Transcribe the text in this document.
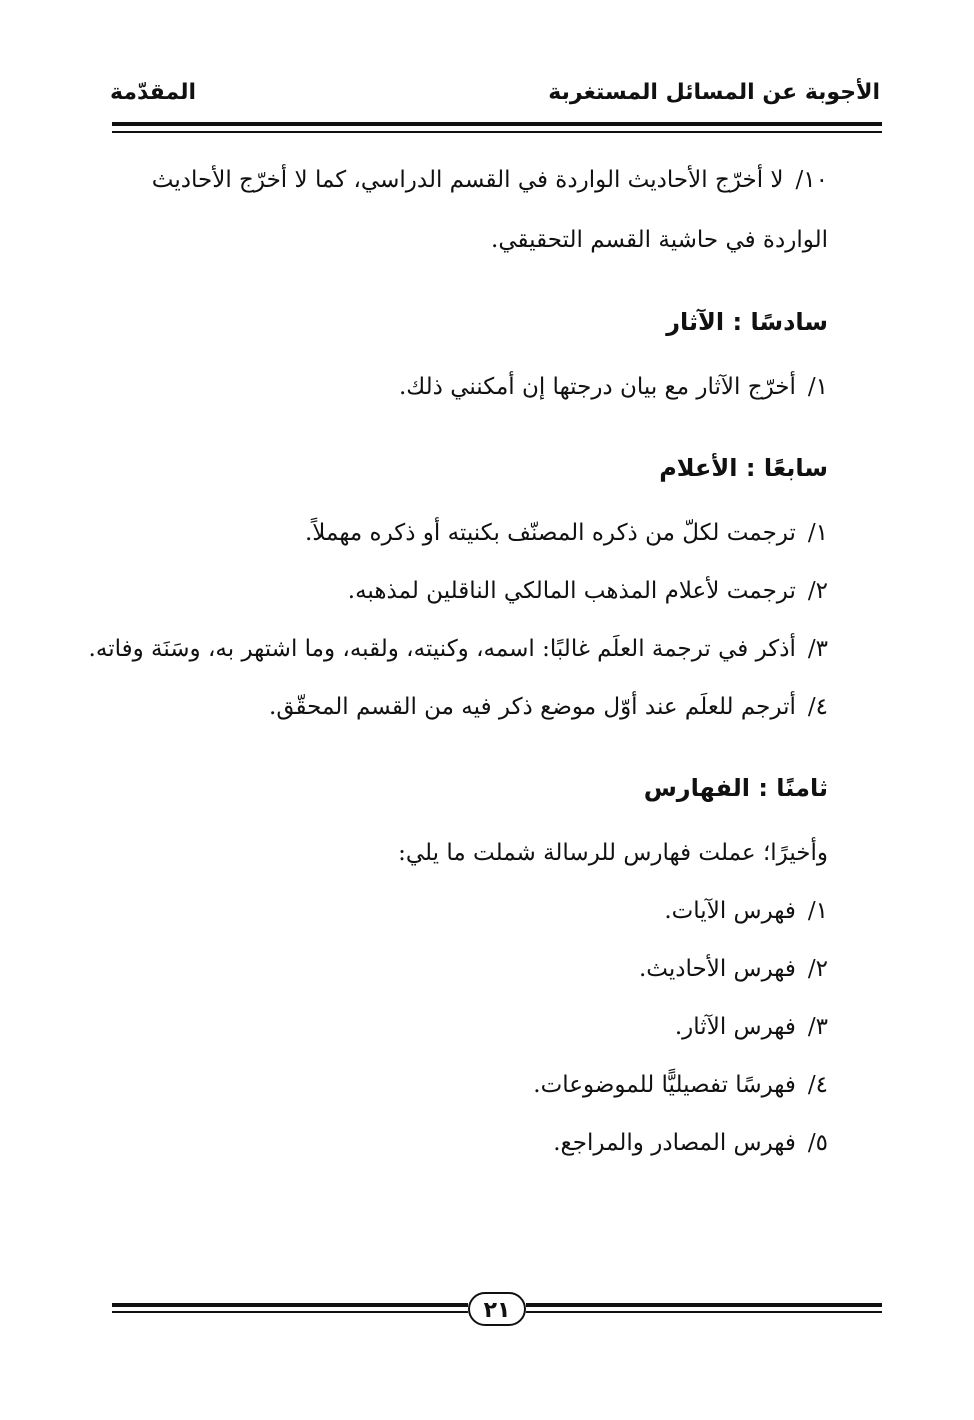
الأجوبة عن المسائل المستغربة
المقدّمة

١٠/لا أخرّج الأحاديث الواردة في القسم الدراسي، كما لا أخرّج الأحاديث الواردة في حاشية القسم التحقيقي.

سادسًا : الآثار

١/أخرّج الآثار مع بيان درجتها إن أمكنني ذلك.

سابعًا : الأعلام

١/ترجمت لكلّ من ذكره المصنّف بكنيته أو ذكره مهملاً.

٢/ترجمت لأعلام المذهب المالكي الناقلين لمذهبه.

٣/أذكر في ترجمة العلَم غالبًا: اسمه، وكنيته، ولقبه، وما اشتهر به، وسَنَة وفاته.

٤/أترجم للعلَم عند أوّل موضع ذكر فيه من القسم المحقّق.

ثامنًا : الفهارس

وأخيرًا؛ عملت فهارس للرسالة شملت ما يلي:

١/فهرس الآيات.

٢/فهرس الأحاديث.

٣/فهرس الآثار.

٤/فهرسًا تفصيليًّا للموضوعات.

٥/فهرس المصادر والمراجع.

٢١
